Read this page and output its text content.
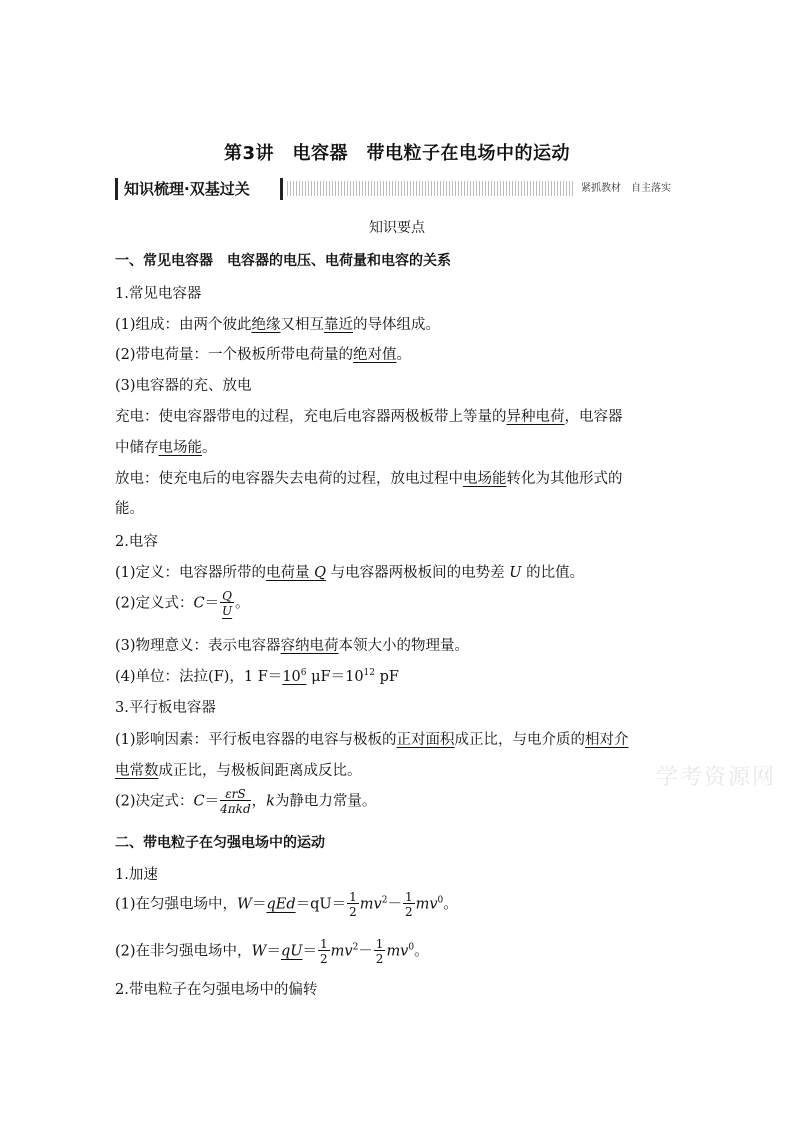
第3讲　电容器　带电粒子在电场中的运动
知识梳理·双基过关	紧抓教材　自主落实
知识要点
一、常见电容器　电容器的电压、电荷量和电容的关系
1.常见电容器
(1)组成：由两个彼此绝缘又相互靠近的导体组成。
(2)带电荷量：一个极板所带电荷量的绝对值。
(3)电容器的充、放电
充电：使电容器带电的过程，充电后电容器两极板带上等量的异种电荷，电容器
中储存电场能。
放电：使充电后的电容器失去电荷的过程，放电过程中电场能转化为其他形式的
能。
2.电容
(1)定义：电容器所带的电荷量 Q 与电容器两极板间的电势差 U 的比值。
(2)定义式：$C= \frac{Q}{U}$ 。
(3)物理意义：表示电容器容纳电荷本领大小的物理量。
(4)单位：法拉(F)，1 $F=10^6$ $\mu F=10^{12}$ pF
3.平行板电容器
(1)影响因素：平行板电容器的电容与极板的正对面积成正比，与电介质的相对介
电常数成正比，与极板间距离成反比。
(2)决定式：$C= \frac{\text{εrS}}{\text{4πkd}}$ ，k为静电力常量。
二、带电粒子在匀强电场中的运动
1.加速
(1)在匀强电场中，$W=qEd=qU= \frac{1}{2} mv^2- \frac{1}{2} mv^0$。
(2)在非匀强电场中，$W=qU= \frac{1}{2} mv^2- \frac{1}{2} mv^0$。
2.带电粒子在匀强电场中的偏转
学考资源网
